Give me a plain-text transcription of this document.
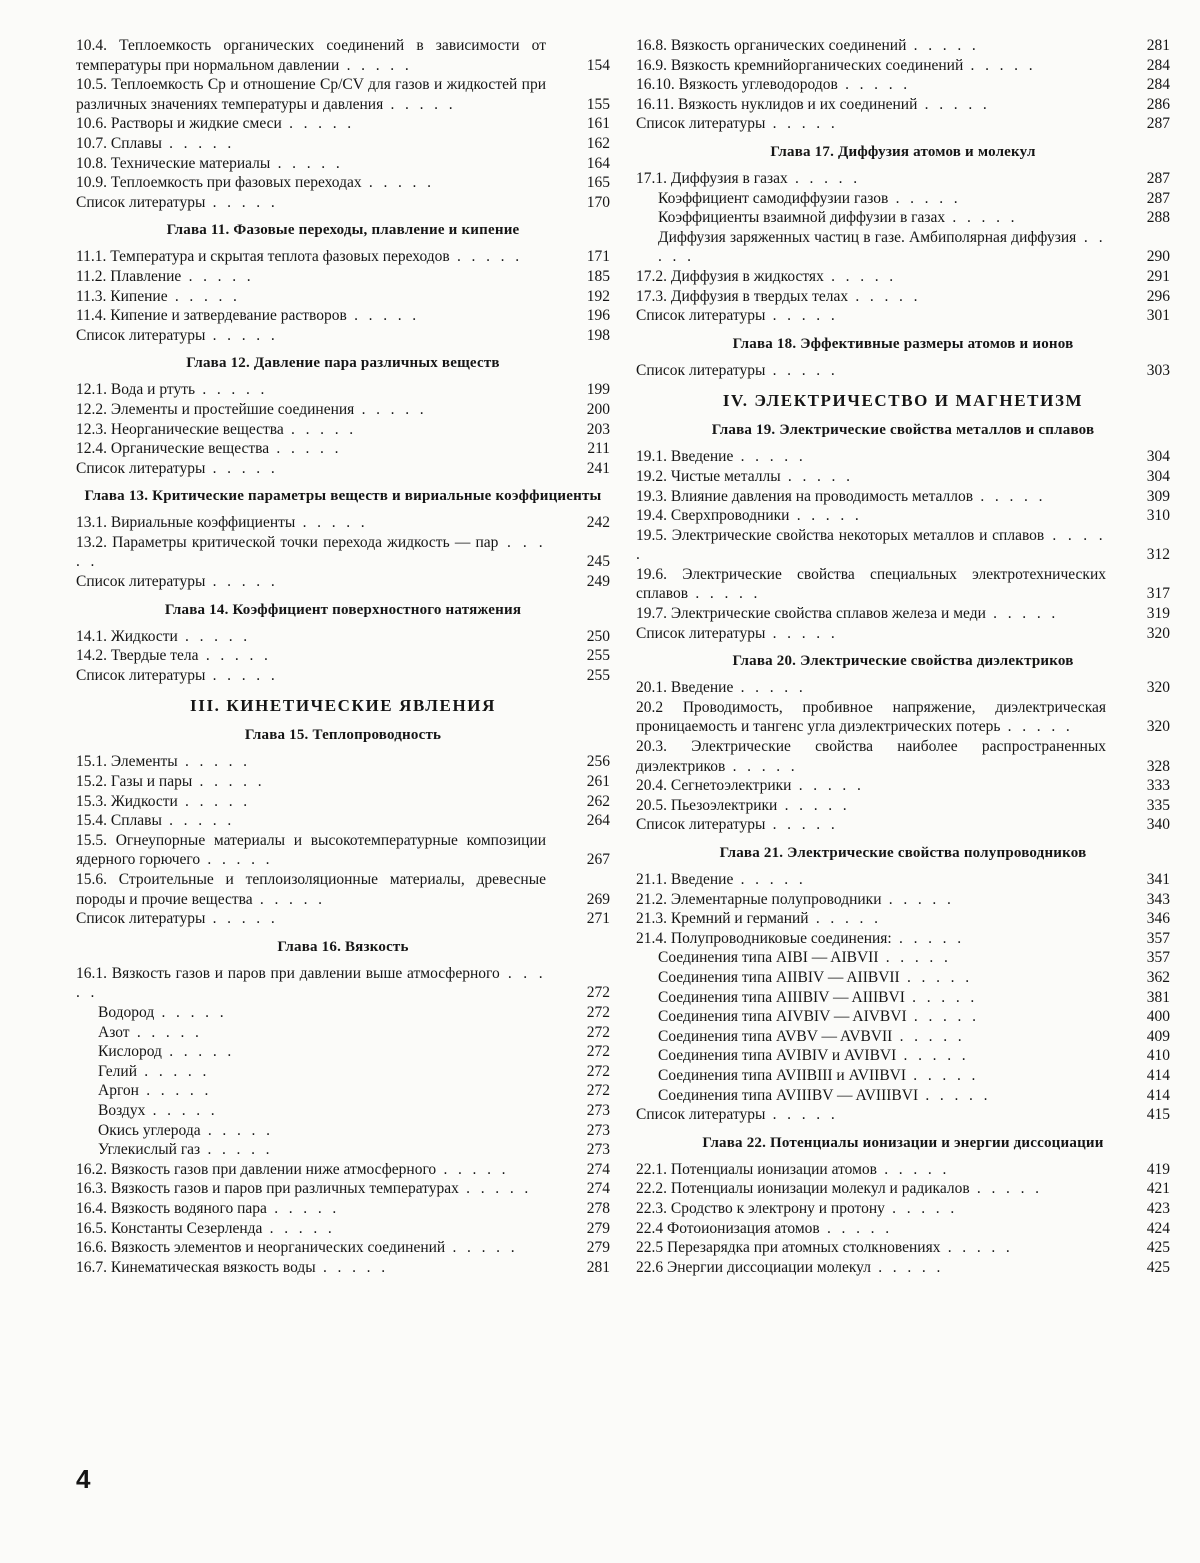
10.4. Теплоемкость органических соединений в зависимости от температуры при нормальном давлении . . . . .	154
10.5. Теплоемкость Cp и отношение Cp/CV для газов и жидкостей при различных значениях температуры и давления . . . . .	155
10.6. Растворы и жидкие смеси . . . . .	161
10.7. Сплавы . . . . .	162
10.8. Технические материалы . . . . .	164
10.9. Теплоемкость при фазовых переходах . . . . .	165
Список литературы . . . . .	170
Глава 11. Фазовые переходы, плавление и кипение
11.1. Температура и скрытая теплота фазовых переходов . . . . .	171
11.2. Плавление . . . . .	185
11.3. Кипение . . . . .	192
11.4. Кипение и затвердевание растворов . . . . .	196
Список литературы . . . . .	198
Глава 12. Давление пара различных веществ
12.1. Вода и ртуть . . . . .	199
12.2. Элементы и простейшие соединения . . . . .	200
12.3. Неорганические вещества . . . . .	203
12.4. Органические вещества . . . . .	211
Список литературы . . . . .	241
Глава 13. Критические параметры веществ и вириальные коэффициенты
13.1. Вириальные коэффициенты . . . . .	242
13.2. Параметры критической точки перехода жидкость — пар . . . . .	245
Список литературы . . . . .	249
Глава 14. Коэффициент поверхностного натяжения
14.1. Жидкости . . . . .	250
14.2. Твердые тела . . . . .	255
Список литературы . . . . .	255
III. КИНЕТИЧЕСКИЕ ЯВЛЕНИЯ
Глава 15. Теплопроводность
15.1. Элементы . . . . .	256
15.2. Газы и пары . . . . .	261
15.3. Жидкости . . . . .	262
15.4. Сплавы . . . . .	264
15.5. Огнеупорные материалы и высокотемпературные композиции ядерного горючего . . . . .	267
15.6. Строительные и теплоизоляционные материалы, древесные породы и прочие вещества . . . . .	269
Список литературы . . . . .	271
Глава 16. Вязкость
16.1. Вязкость газов и паров при давлении выше атмосферного . . . . .	272
Водород . . . . .	272
Азот . . . . .	272
Кислород . . . . .	272
Гелий . . . . .	272
Аргон . . . . .	272
Воздух . . . . .	273
Окись углерода . . . . .	273
Углекислый газ . . . . .	273
16.2. Вязкость газов при давлении ниже атмосферного . . . . .	274
16.3. Вязкость газов и паров при различных температурах . . . . .	274
16.4. Вязкость водяного пара . . . . .	278
16.5. Константы Сезерленда . . . . .	279
16.6. Вязкость элементов и неорганических соединений . . . . .	279
16.7. Кинематическая вязкость воды . . . . .	281
16.8. Вязкость органических соединений . . . . .	281
16.9. Вязкость кремнийорганических соединений . . . . .	284
16.10. Вязкость углеводородов . . . . .	284
16.11. Вязкость нуклидов и их соединений . . . . .	286
Список литературы . . . . .	287
Глава 17. Диффузия атомов и молекул
17.1. Диффузия в газах . . . . .	287
Коэффициент самодиффузии газов . . . . .	287
Коэффициенты взаимной диффузии в газах . . . . .	288
Диффузия заряженных частиц в газе. Амбиполярная диффузия . . . . .	290
17.2. Диффузия в жидкостях . . . . .	291
17.3. Диффузия в твердых телах . . . . .	296
Список литературы . . . . .	301
Глава 18. Эффективные размеры атомов и ионов
Список литературы . . . . .	303
IV. ЭЛЕКТРИЧЕСТВО И МАГНЕТИЗМ
Глава 19. Электрические свойства металлов и сплавов
19.1. Введение . . . . .	304
19.2. Чистые металлы . . . . .	304
19.3. Влияние давления на проводимость металлов . . . . .	309
19.4. Сверхпроводники . . . . .	310
19.5. Электрические свойства некоторых металлов и сплавов . . . . .	312
19.6. Электрические свойства специальных электротехнических сплавов . . . . .	317
19.7. Электрические свойства сплавов железа и меди . . . . .	319
Список литературы . . . . .	320
Глава 20. Электрические свойства диэлектриков
20.1. Введение . . . . .	320
20.2 Проводимость, пробивное напряжение, диэлектрическая проницаемость и тангенс угла диэлектрических потерь . . . . .	320
20.3. Электрические свойства наиболее распространенных диэлектриков . . . . .	328
20.4. Сегнетоэлектрики . . . . .	333
20.5. Пьезоэлектрики . . . . .	335
Список литературы . . . . .	340
Глава 21. Электрические свойства полупроводников
21.1. Введение . . . . .	341
21.2. Элементарные полупроводники . . . . .	343
21.3. Кремний и германий . . . . .	346
21.4. Полупроводниковые соединения: . . . . .	357
Соединения типа AIBI — AIBVII . . . . .	357
Соединения типа AIIBIV — AIIBVII . . . . .	362
Соединения типа AIIIBIV — AIIIBVI . . . . .	381
Соединения типа AIVBIV — AIVBVI . . . . .	400
Соединения типа AVBV — AVBVII . . . . .	409
Соединения типа AVIBIV и AVIBVI . . . . .	410
Соединения типа AVIIBIII и AVIIBVI . . . . .	414
Соединения типа AVIIIBV — AVIIIBVI . . . . .	414
Список литературы . . . . .	415
Глава 22. Потенциалы ионизации и энергии диссоциации
22.1. Потенциалы ионизации атомов . . . . .	419
22.2. Потенциалы ионизации молекул и радикалов . . . . .	421
22.3. Сродство к электрону и протону . . . . .	423
22.4 Фотоионизация атомов . . . . .	424
22.5 Перезарядка при атомных столкновениях . . . . .	425
22.6 Энергии диссоциации молекул . . . . .	425
4
